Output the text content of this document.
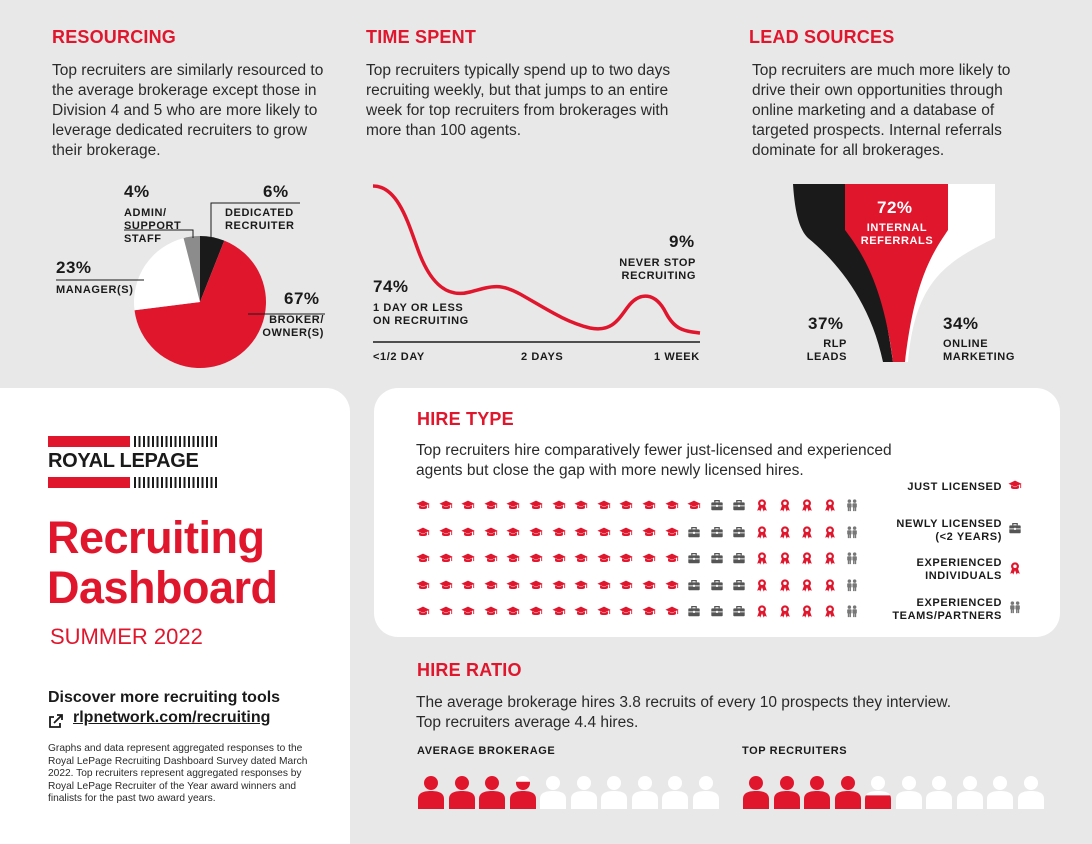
RESOURCING
Top recruiters are similarly resourced to the average brokerage except those in Division 4 and 5 who are more likely to leverage dedicated recruiters to grow their brokerage.
4%
ADMIN/ SUPPORT STAFF
6%
DEDICATED RECRUITER
67%
BROKER/ OWNER(S)
23%
MANAGER(S)
TIME SPENT
Top recruiters typically spend up to two days recruiting weekly, but that jumps to an entire week for top recruiters from brokerages with more than 100 agents.
74%
1 DAY OR LESS ON RECRUITING
9%
NEVER STOP RECRUITING
<1/2 DAY	2 DAYS	1 WEEK
LEAD SOURCES
Top recruiters are much more likely to drive their own opportunities through online marketing and a database of targeted prospects. Internal referrals dominate for all brokerages.
72%
INTERNAL REFERRALS
37%
RLP LEADS
34%
ONLINE MARKETING
ROYAL LEPAGE
Recruiting
Dashboard
SUMMER 2022
Discover more recruiting tools
rlpnetwork.com/recruiting
Graphs and data represent aggregated responses to the Royal LePage Recruiting Dashboard Survey dated March 2022. Top recruiters represent aggregated responses by Royal LePage Recruiter of the Year award winners and finalists for the past two award years.
HIRE TYPE
Top recruiters hire comparatively fewer just-licensed and experienced agents but close the gap with more newly licensed hires.
JUST LICENSED
NEWLY LICENSED (<2 YEARS)
EXPERIENCED INDIVIDUALS
EXPERIENCED TEAMS/PARTNERS
HIRE RATIO
The average brokerage hires 3.8 recruits of every 10 prospects they interview.
Top recruiters average 4.4 hires.
AVERAGE BROKERAGE	TOP RECRUITERS
